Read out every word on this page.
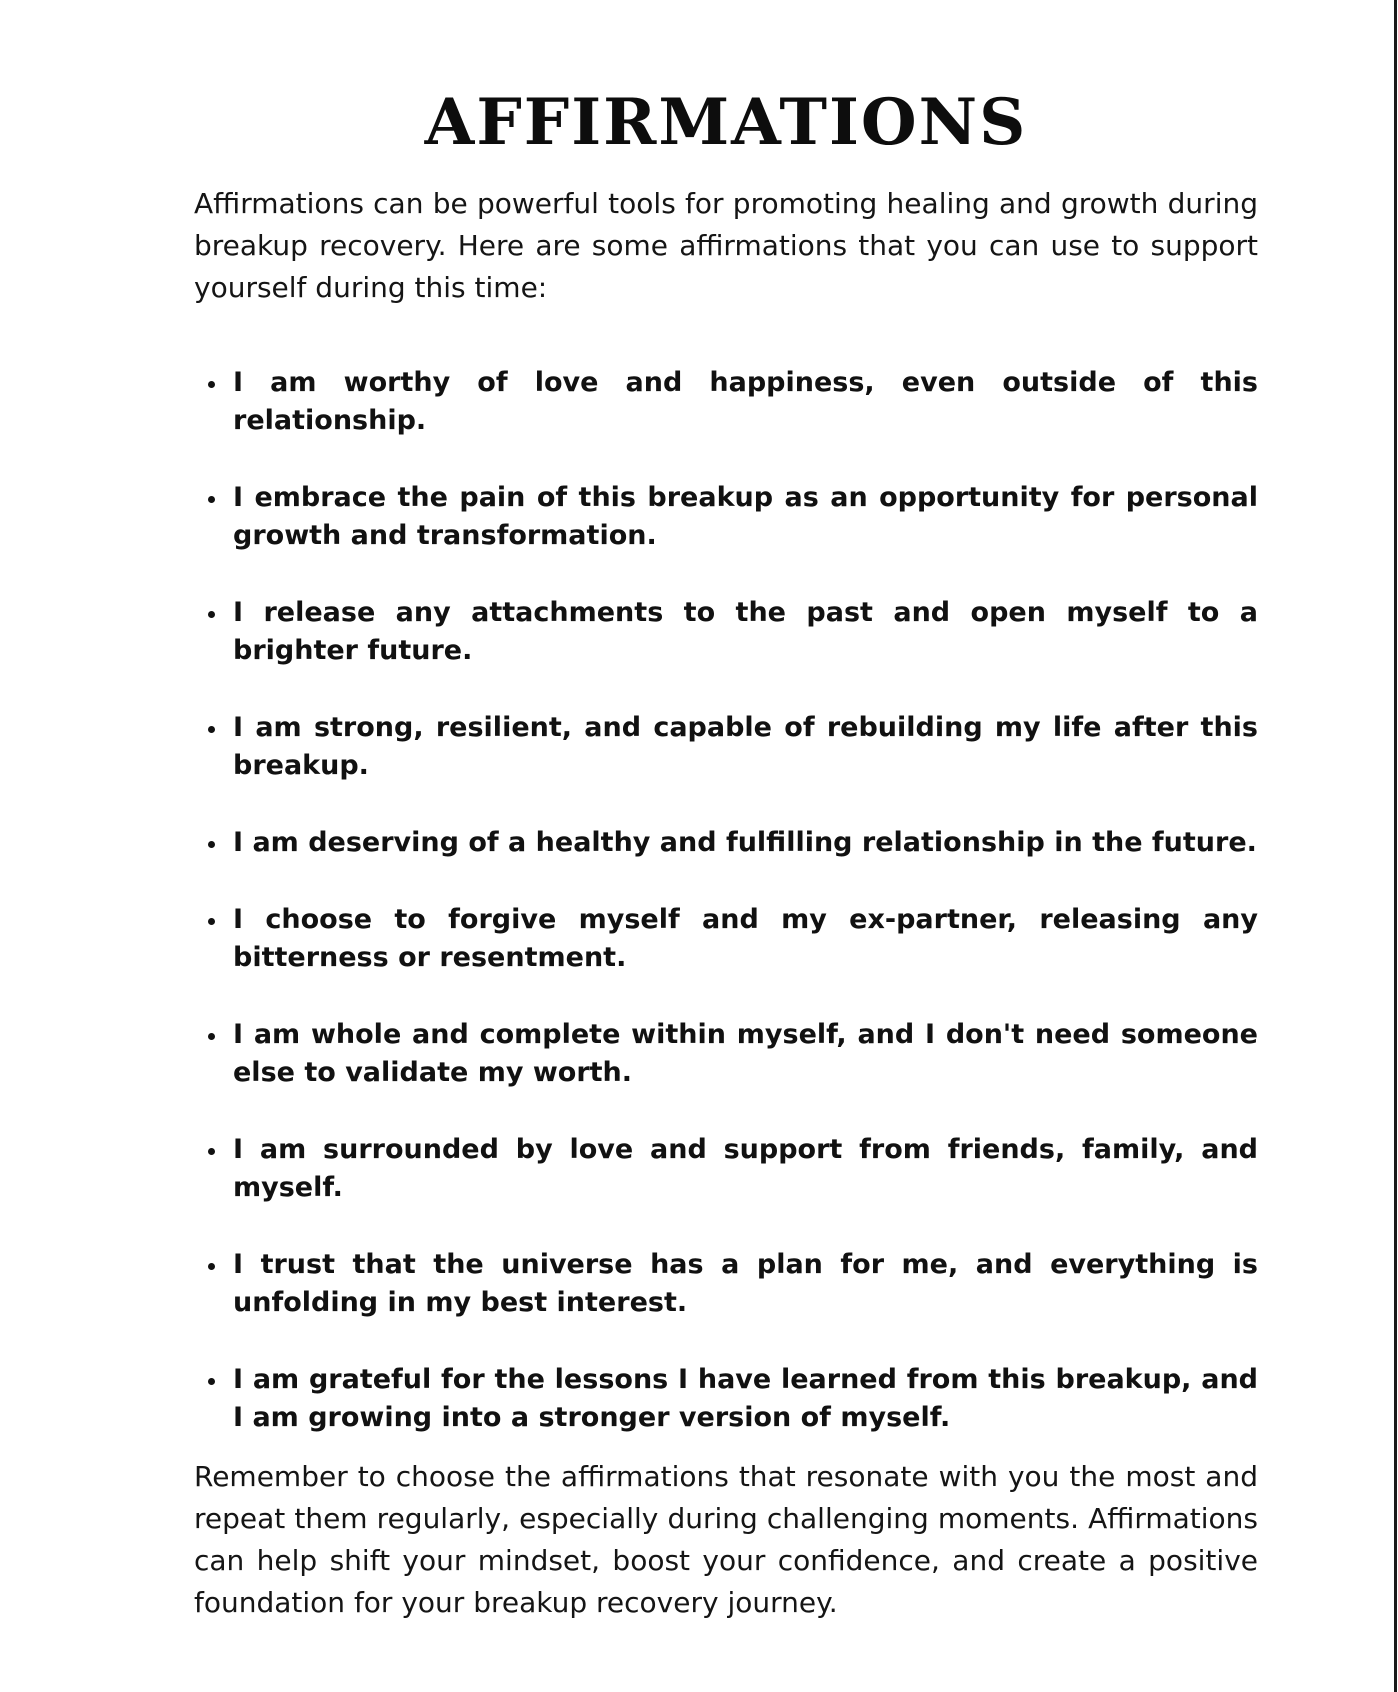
AFFIRMATIONS

Affirmations can be powerful tools for promoting healing and growth during breakup recovery. Here are some affirmations that you can use to support yourself during this time:

I am worthy of love and happiness, even outside of this relationship.
I embrace the pain of this breakup as an opportunity for personal growth and transformation.
I release any attachments to the past and open myself to a brighter future.
I am strong, resilient, and capable of rebuilding my life after this breakup.
I am deserving of a healthy and fulfilling relationship in the future.
I choose to forgive myself and my ex-partner, releasing any bitterness or resentment.
I am whole and complete within myself, and I don't need someone else to validate my worth.
I am surrounded by love and support from friends, family, and myself.
I trust that the universe has a plan for me, and everything is unfolding in my best interest.
I am grateful for the lessons I have learned from this breakup, and I am growing into a stronger version of myself.

Remember to choose the affirmations that resonate with you the most and repeat them regularly, especially during challenging moments. Affirmations can help shift your mindset, boost your confidence, and create a positive foundation for your breakup recovery journey.
